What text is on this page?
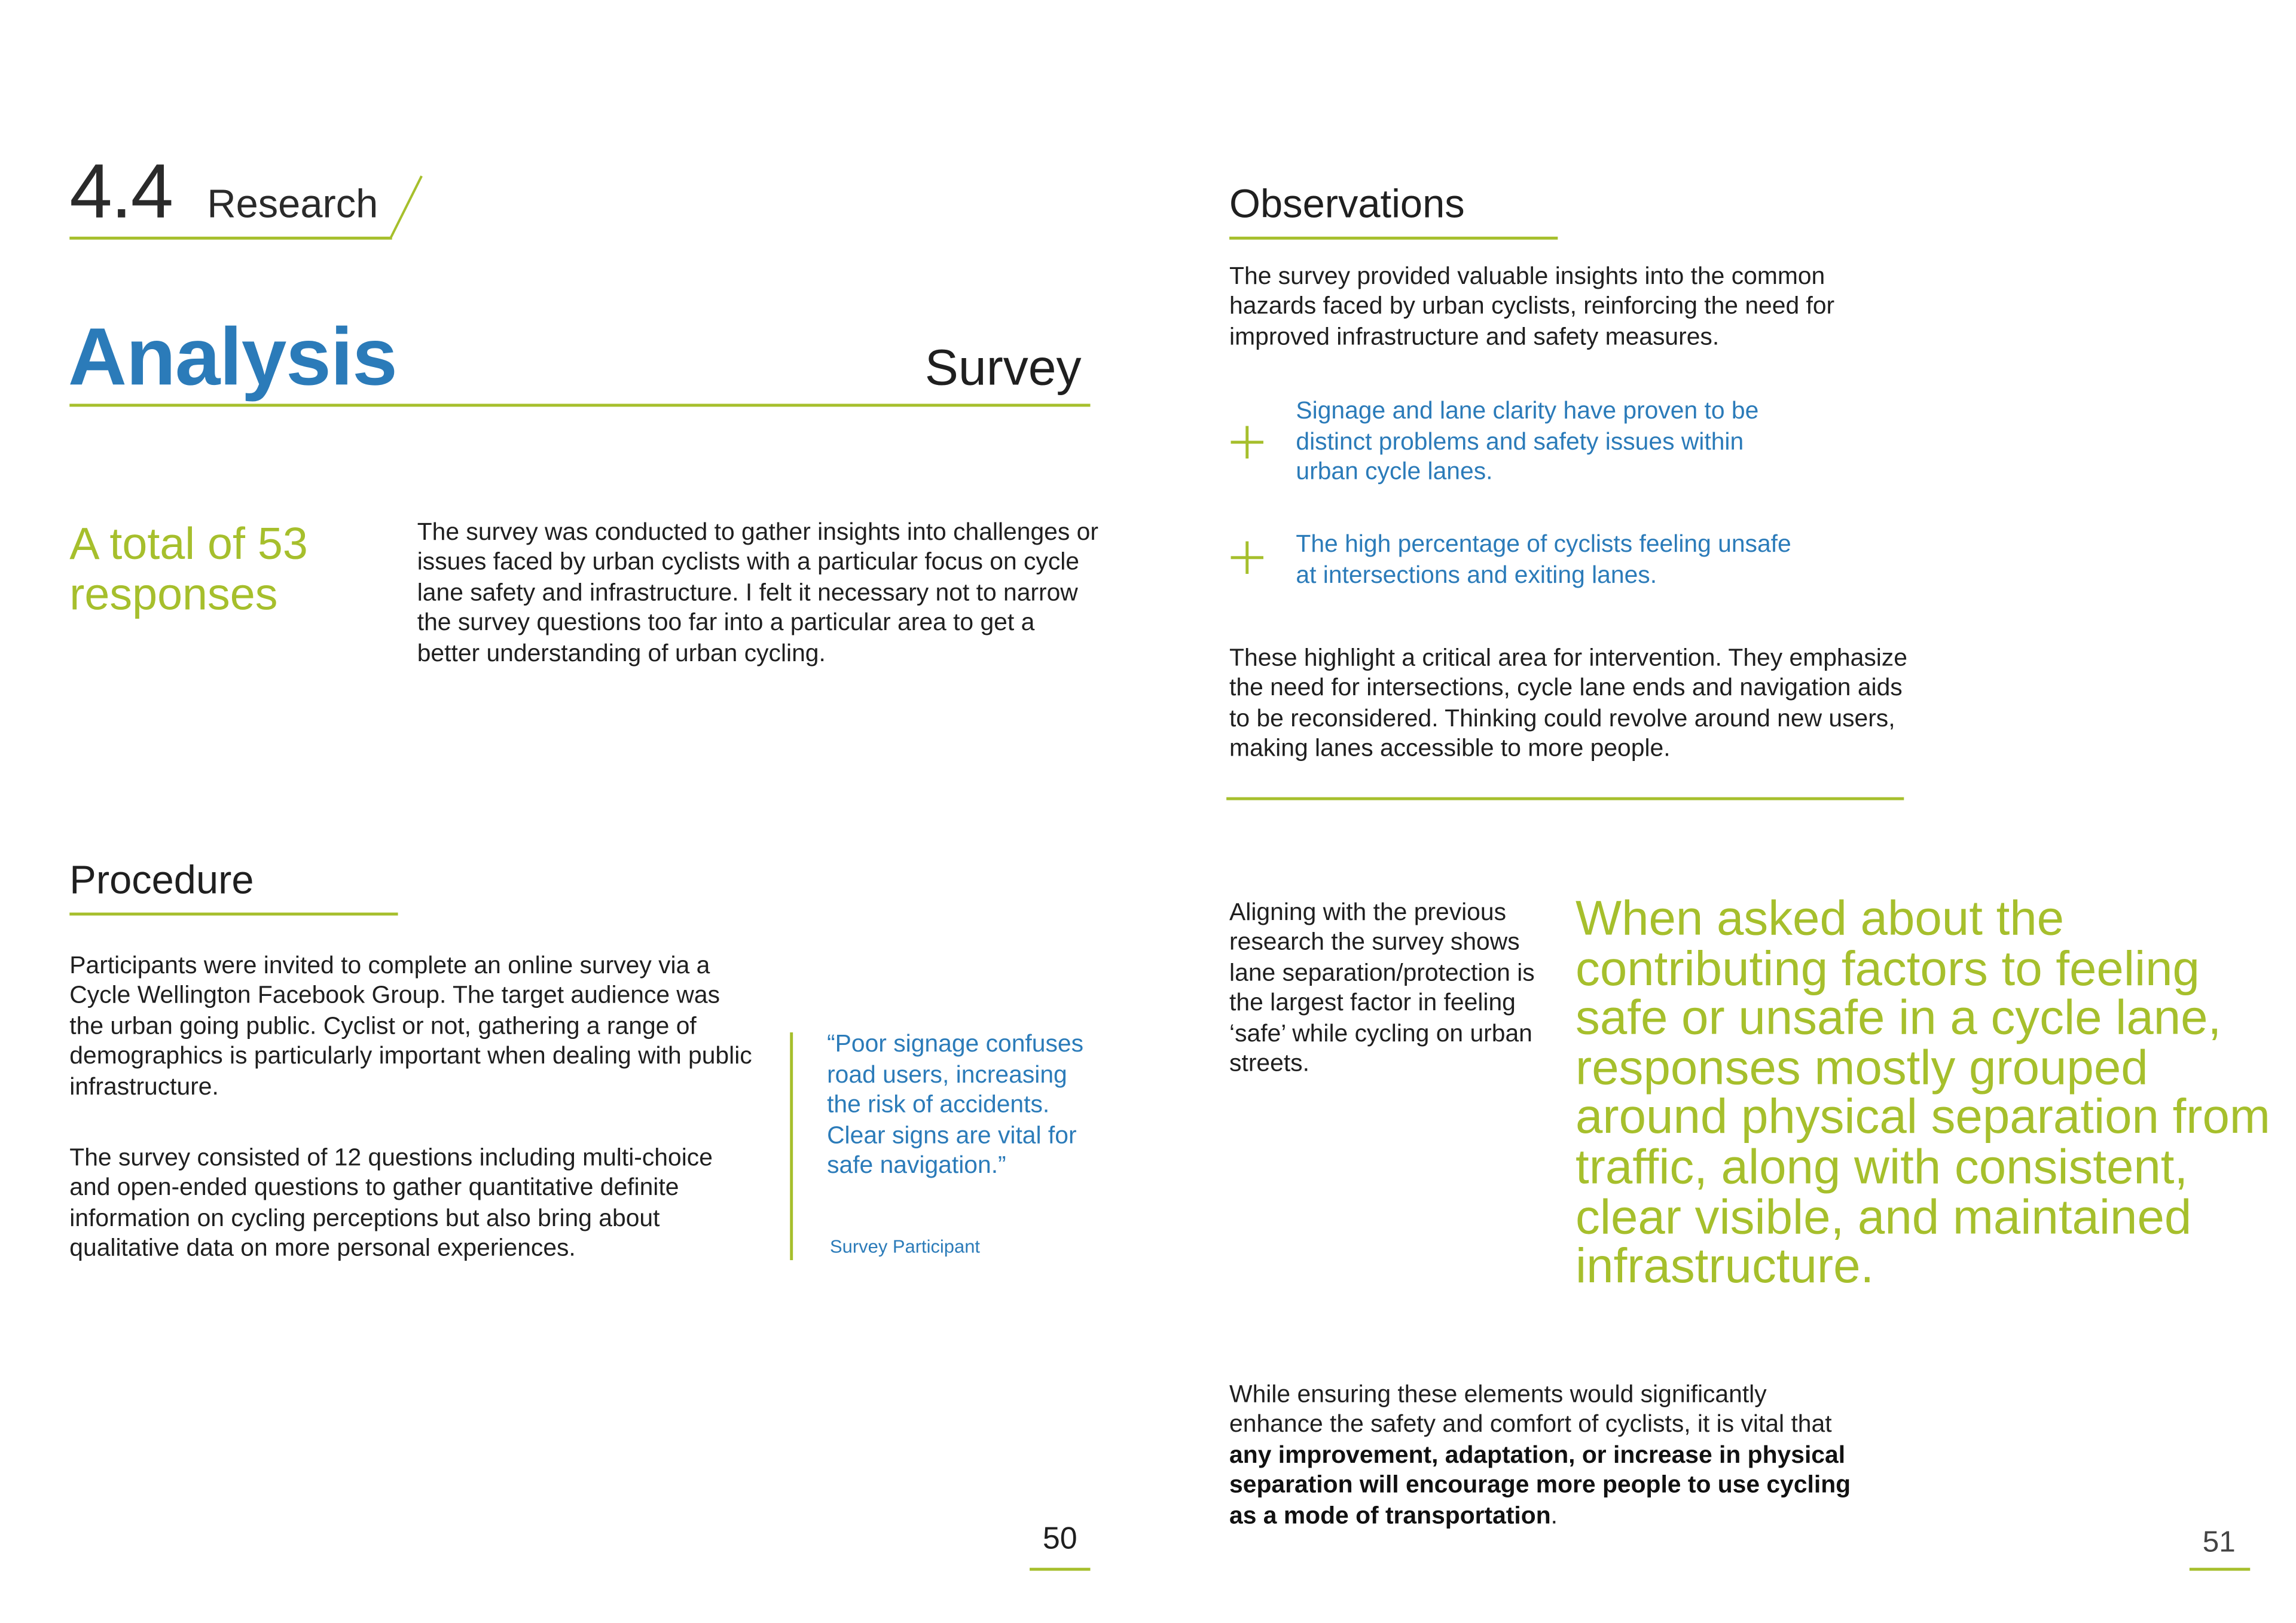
4.4 Research
Analysis	Survey
A total of 53 responses
The survey was conducted to gather insights into challenges or issues faced by urban cyclists with a particular focus on cycle lane safety and infrastructure. I felt it necessary not to narrow the survey questions too far into a particular area to get a better understanding of urban cycling.
Procedure
Participants were invited to complete an online survey via a Cycle Wellington Facebook Group. The target audience was the urban going public. Cyclist or not, gathering a range of demographics is particularly important when dealing with public infrastructure.
The survey consisted of 12 questions including multi-choice and open-ended questions to gather quantitative definite information on cycling perceptions but also bring about qualitative data on more personal experiences.
“Poor signage confuses road users, increasing the risk of accidents. Clear signs are vital for safe navigation.”
Survey Participant
50
Observations
The survey provided valuable insights into the common hazards faced by urban cyclists, reinforcing the need for improved infrastructure and safety measures.
Signage and lane clarity have proven to be distinct problems and safety issues within urban cycle lanes.
The high percentage of cyclists feeling unsafe at intersections and exiting lanes.
These highlight a critical area for intervention. They emphasize the need for intersections, cycle lane ends and navigation aids to be reconsidered. Thinking could revolve around new users, making lanes accessible to more people.
Aligning with the previous research the survey shows lane separation/protection is the largest factor in feeling ‘safe’ while cycling on urban streets.
When asked about the contributing factors to feeling safe or unsafe in a cycle lane, responses mostly grouped around physical separation from traffic, along with consistent, clear visible, and maintained infrastructure.
While ensuring these elements would significantly enhance the safety and comfort of cyclists, it is vital that any improvement, adaptation, or increase in physical separation will encourage more people to use cycling as a mode of transportation.
51
